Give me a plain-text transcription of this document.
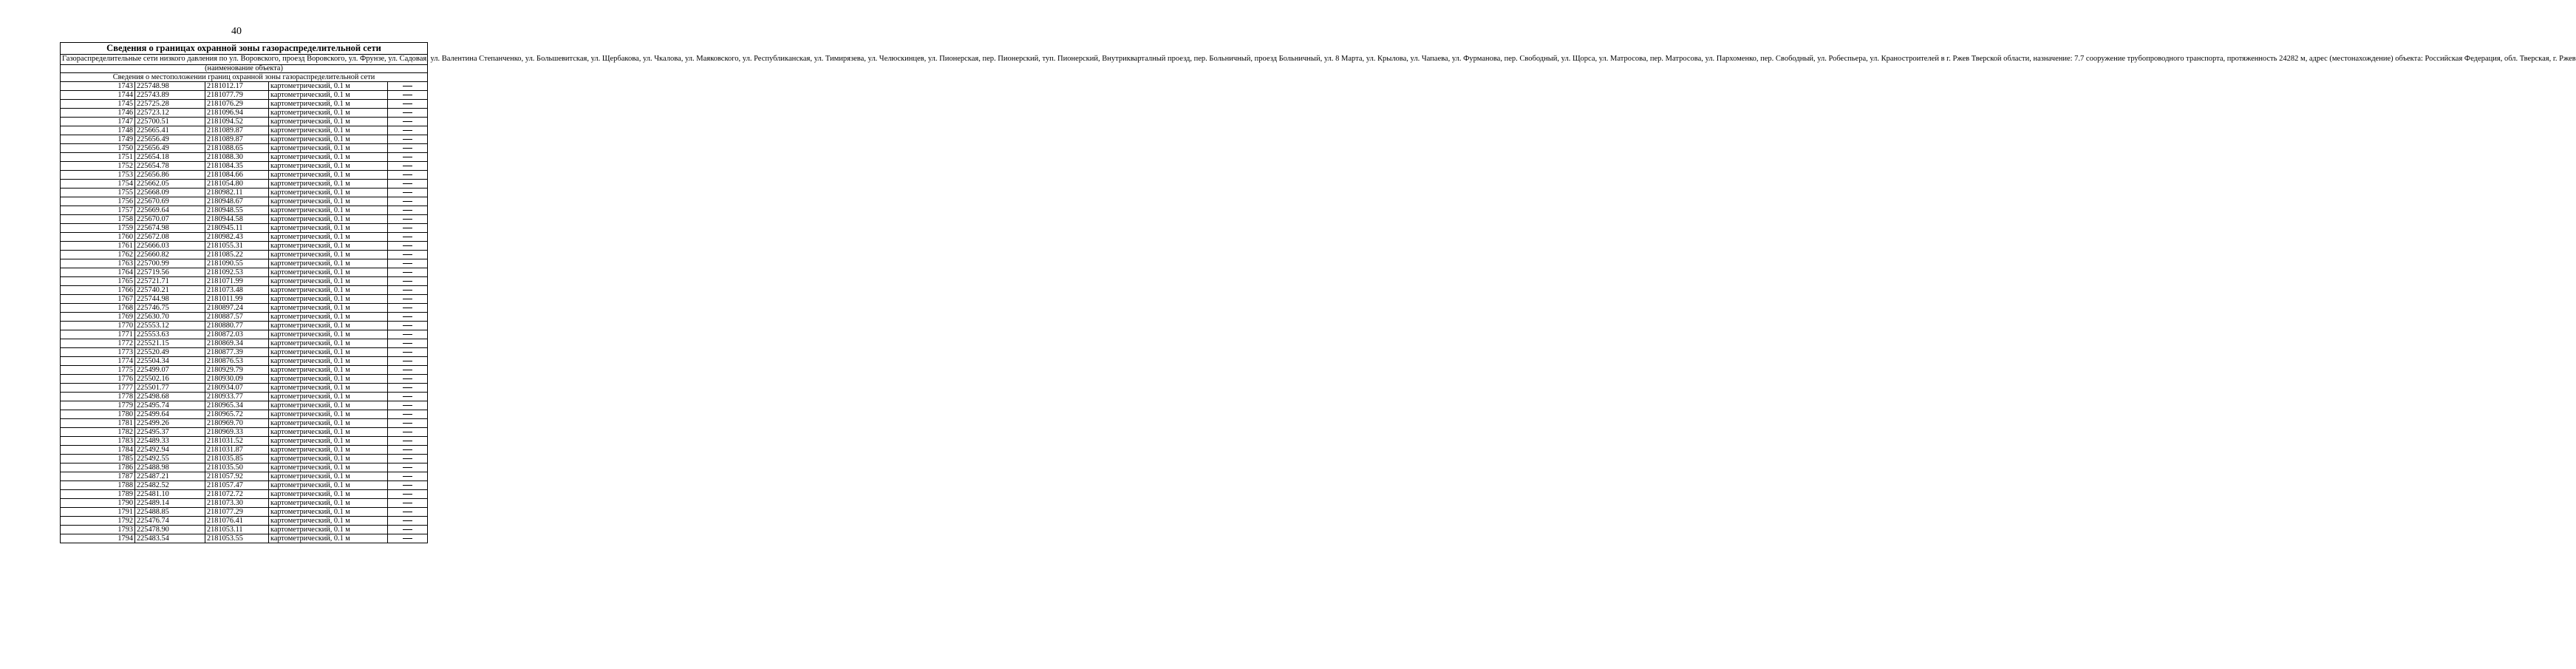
40
Сведения о границах охранной зоны газораспределительной сети				
Газораспределительные сети низкого давления по ул. Воровского, проезд Воровского, ул. Фрунзе, ул. Садовая, ул. Валентина Степанченко, ул. Большевитская, ул. Щербакова, ул. Чкалова, ул. Маяковского, ул. Республиканская, ул. Тимирязева, ул. Челюскинцев, ул. Пионерская, пер. Пионерский, туп. Пионерский, Внутрикварталный проезд, пер. Больничный, проезд Больничный, ул. 8 Марта, ул. Крылова, ул. Чапаева, ул. Фурманова, пер. Свободный, ул. Щорса, ул. Матросова, пер. Матросова, ул. Пархоменко, пер. Свободный, ул. Робеспьера, ул. Краностроителей в г. Ржев Тверской области, назначение: 7.7 сооружение трубопроводного транспорта, протяженность 24282 м, адрес (местонахождение) объекта: Российская Федерация, обл. Тверская, г. Ржев				
(наименование объекта)				
Сведения о местоположении границ охранной зоны газораспределительной сети				
1743	225748.98	2181012.17	картометрический, 0.1 м	
1744	225743.89	2181077.79	картометрический, 0.1 м	
1745	225725.28	2181076.29	картометрический, 0.1 м	
1746	225723.12	2181096.94	картометрический, 0.1 м	
1747	225700.51	2181094.52	картометрический, 0.1 м	
1748	225665.41	2181089.87	картометрический, 0.1 м	
1749	225656.49	2181089.87	картометрический, 0.1 м	
1750	225656.49	2181088.65	картометрический, 0.1 м	
1751	225654.18	2181088.30	картометрический, 0.1 м	
1752	225654.78	2181084.35	картометрический, 0.1 м	
1753	225656.86	2181084.66	картометрический, 0.1 м	
1754	225662.05	2181054.80	картометрический, 0.1 м	
1755	225668.09	2180982.11	картометрический, 0.1 м	
1756	225670.69	2180948.67	картометрический, 0.1 м	
1757	225669.64	2180948.55	картометрический, 0.1 м	
1758	225670.07	2180944.58	картометрический, 0.1 м	
1759	225674.98	2180945.11	картометрический, 0.1 м	
1760	225672.08	2180982.43	картометрический, 0.1 м	
1761	225666.03	2181055.31	картометрический, 0.1 м	
1762	225660.82	2181085.22	картометрический, 0.1 м	
1763	225700.99	2181090.55	картометрический, 0.1 м	
1764	225719.56	2181092.53	картометрический, 0.1 м	
1765	225721.71	2181071.99	картометрический, 0.1 м	
1766	225740.21	2181073.48	картометрический, 0.1 м	
1767	225744.98	2181011.99	картометрический, 0.1 м	
1768	225746.75	2180897.24	картометрический, 0.1 м	
1769	225630.70	2180887.57	картометрический, 0.1 м	
1770	225553.12	2180880.77	картометрический, 0.1 м	
1771	225553.63	2180872.03	картометрический, 0.1 м	
1772	225521.15	2180869.34	картометрический, 0.1 м	
1773	225520.49	2180877.39	картометрический, 0.1 м	
1774	225504.34	2180876.53	картометрический, 0.1 м	
1775	225499.07	2180929.79	картометрический, 0.1 м	
1776	225502.16	2180930.09	картометрический, 0.1 м	
1777	225501.77	2180934.07	картометрический, 0.1 м	
1778	225498.68	2180933.77	картометрический, 0.1 м	
1779	225495.74	2180965.34	картометрический, 0.1 м	
1780	225499.64	2180965.72	картометрический, 0.1 м	
1781	225499.26	2180969.70	картометрический, 0.1 м	
1782	225495.37	2180969.33	картометрический, 0.1 м	
1783	225489.33	2181031.52	картометрический, 0.1 м	
1784	225492.94	2181031.87	картометрический, 0.1 м	
1785	225492.55	2181035.85	картометрический, 0.1 м	
1786	225488.98	2181035.50	картометрический, 0.1 м	
1787	225487.21	2181057.92	картометрический, 0.1 м	
1788	225482.52	2181057.47	картометрический, 0.1 м	
1789	225481.10	2181072.72	картометрический, 0.1 м	
1790	225489.14	2181073.30	картометрический, 0.1 м	
1791	225488.85	2181077.29	картометрический, 0.1 м	
1792	225476.74	2181076.41	картометрический, 0.1 м	
1793	225478.90	2181053.11	картометрический, 0.1 м	
1794	225483.54	2181053.55	картометрический, 0.1 м	
